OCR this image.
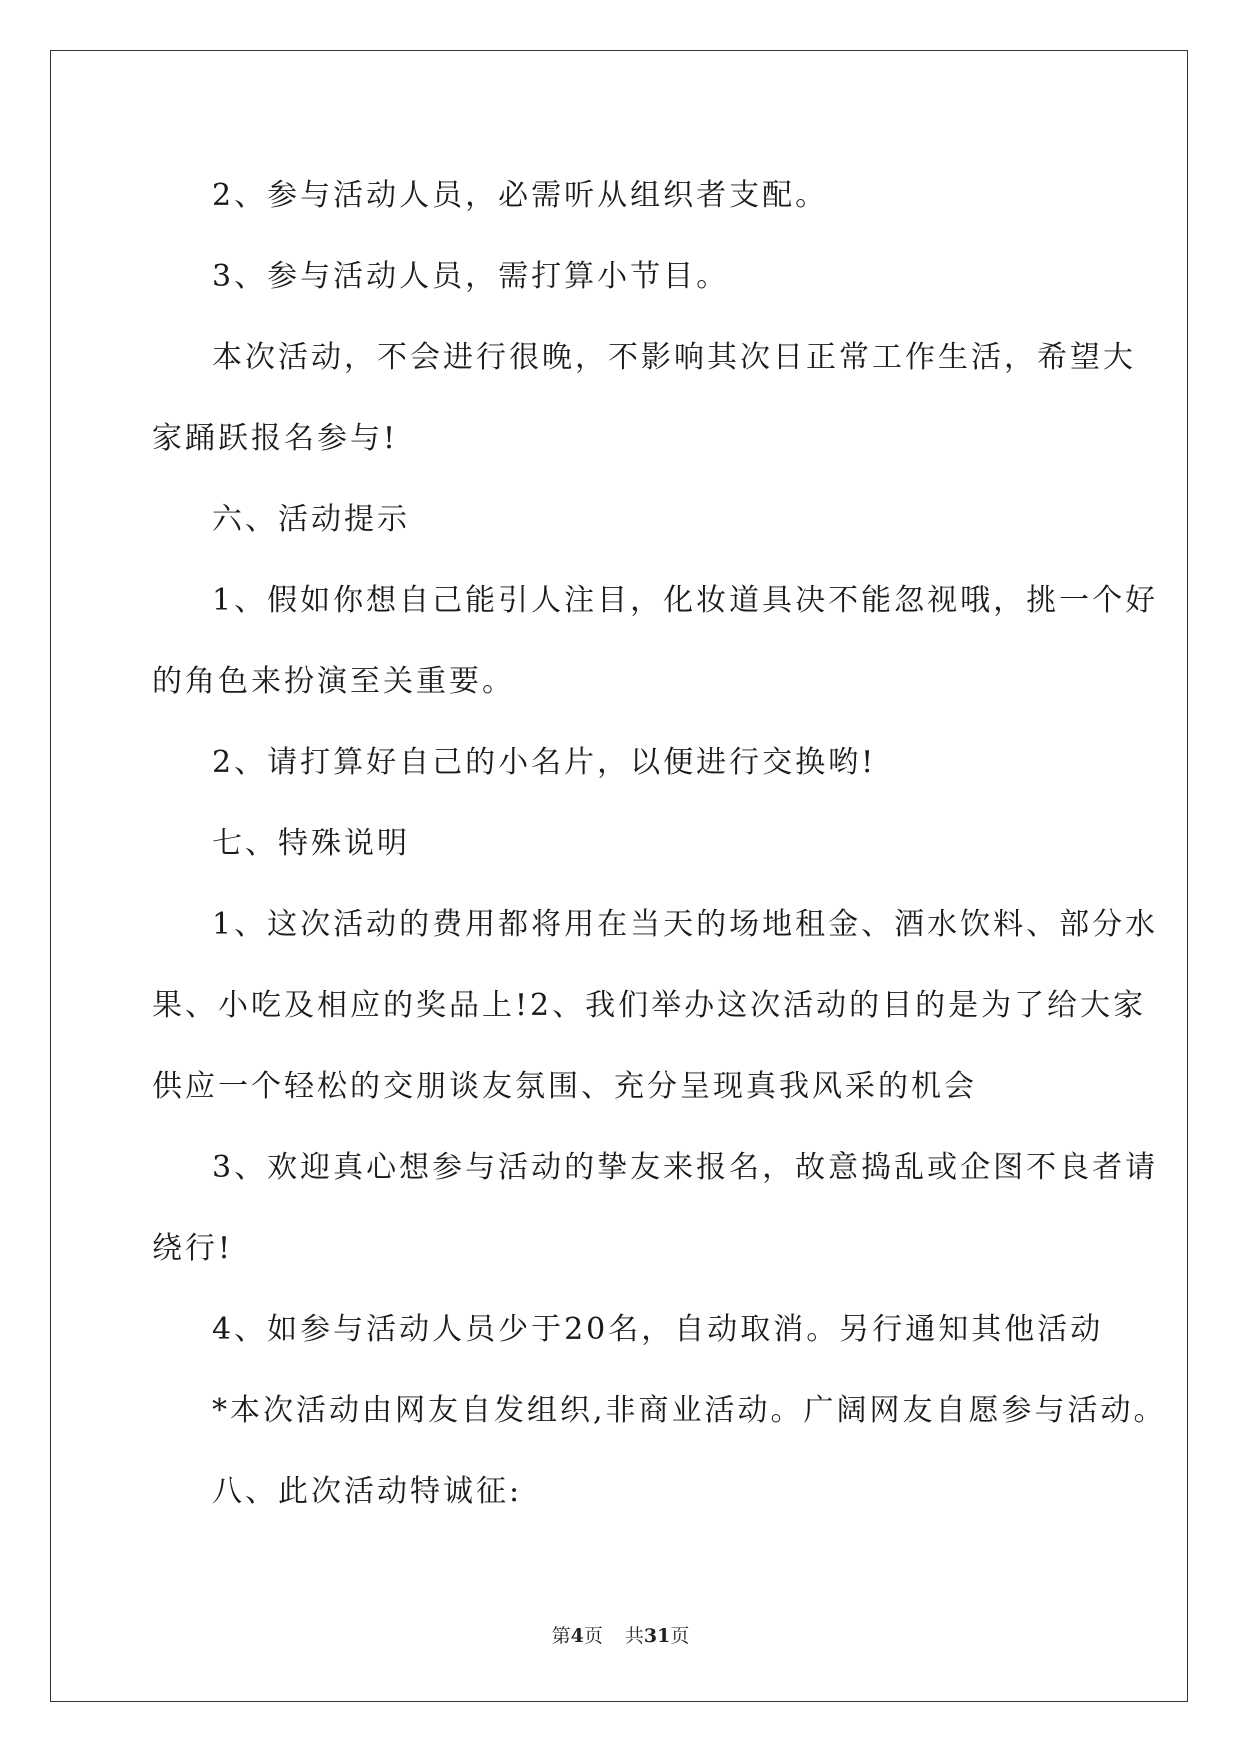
2、参与活动人员，必需听从组织者支配。

3、参与活动人员，需打算小节目。

本次活动，不会进行很晚，不影响其次日正常工作生活，希望大

家踊跃报名参与!

六、活动提示

1、假如你想自己能引人注目，化妆道具决不能忽视哦，挑一个好

的角色来扮演至关重要。

2、请打算好自己的小名片，以便进行交换哟!

七、特殊说明

1、这次活动的费用都将用在当天的场地租金、酒水饮料、部分水

果、小吃及相应的奖品上!2、我们举办这次活动的目的是为了给大家

供应一个轻松的交朋谈友氛围、充分呈现真我风采的机会

3、欢迎真心想参与活动的挚友来报名，故意捣乱或企图不良者请

绕行!

4、如参与活动人员少于20名，自动取消。另行通知其他活动

*本次活动由网友自发组织,非商业活动。广阔网友自愿参与活动。

八、此次活动特诚征:

第4页 共31页
